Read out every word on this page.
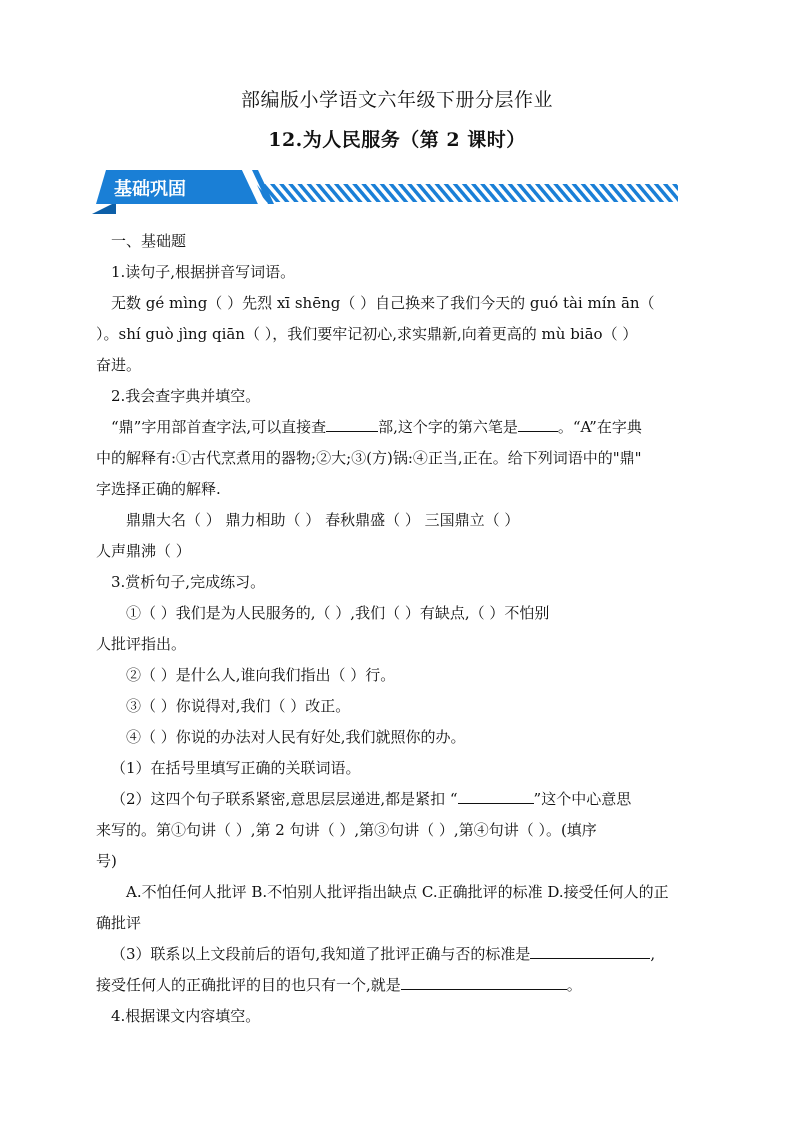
部编版小学语文六年级下册分层作业
12.为人民服务（第 2 课时）
基础巩固

一、基础题

1.读句子,根据拼音写词语。

无数 gé mìng（ ）先烈 xī shēng（ ）自己换来了我们今天的 guó tài mín ān（

）。shí guò jìng qiān（ ），我们要牢记初心,求实鼎新,向着更高的 mù biāo（ ）

奋进。

2.我会查字典并填空。

“鼎”字用部首查字法,可以直接查	部,这个字的第六笔是	。“A”在字典

中的解释有:①古代烹煮用的器物;②大;③(方)锅:④正当,正在。给下列词语中的"鼎"

字选择正确的解释.

鼎鼎大名（ ） 鼎力相助（ ） 春秋鼎盛（ ） 三国鼎立（ ）

人声鼎沸（ ）

3.赏析句子,完成练习。

①（ ）我们是为人民服务的,（ ）,我们（ ）有缺点,（ ）不怕别

人批评指出。

②（ ）是什么人,谁向我们指出（ ）行。

③（ ）你说得对,我们（ ）改正。

④（ ）你说的办法对人民有好处,我们就照你的办。

（1）在括号里填写正确的关联词语。

（2）这四个句子联系紧密,意思层层递进,都是紧扣 “	”这个中心意思

来写的。第①句讲（ ）,第 2 句讲（ ）,第③句讲（ ）,第④句讲（ ）。(填序

号)

A.不怕任何人批评 B.不怕别人批评指出缺点 C.正确批评的标准 D.接受任何人的正

确批评

（3）联系以上文段前后的语句,我知道了批评正确与否的标准是	,

接受任何人的正确批评的目的也只有一个,就是	。

4.根据课文内容填空。
